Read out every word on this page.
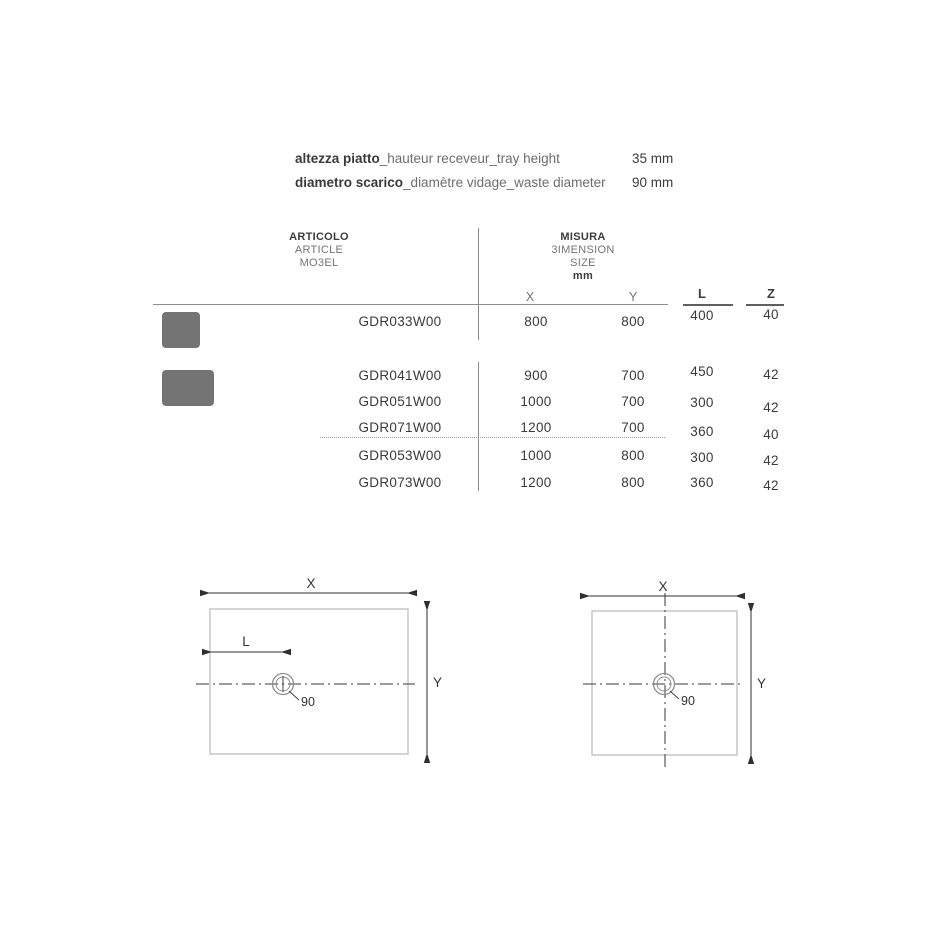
altezza piatto_hauteur receveur_tray height	35 mm
diametro scarico_diamètre vidage_waste diameter 90 mm
ARTICOLO
ARTICLE
MO3EL
MISURA
3IMENSION
SIZE
mm
X	Y	L	Z
GDR033W00	800	800	400	40
GDR041W00	900	700	450	42
GDR051W00	1000	700	300	42
GDR071W00	1200	700	360	40
GDR053W00	1000	800	300	42
GDR073W00	1200	800	360	42
X
Y
L
90
X
Y
90
